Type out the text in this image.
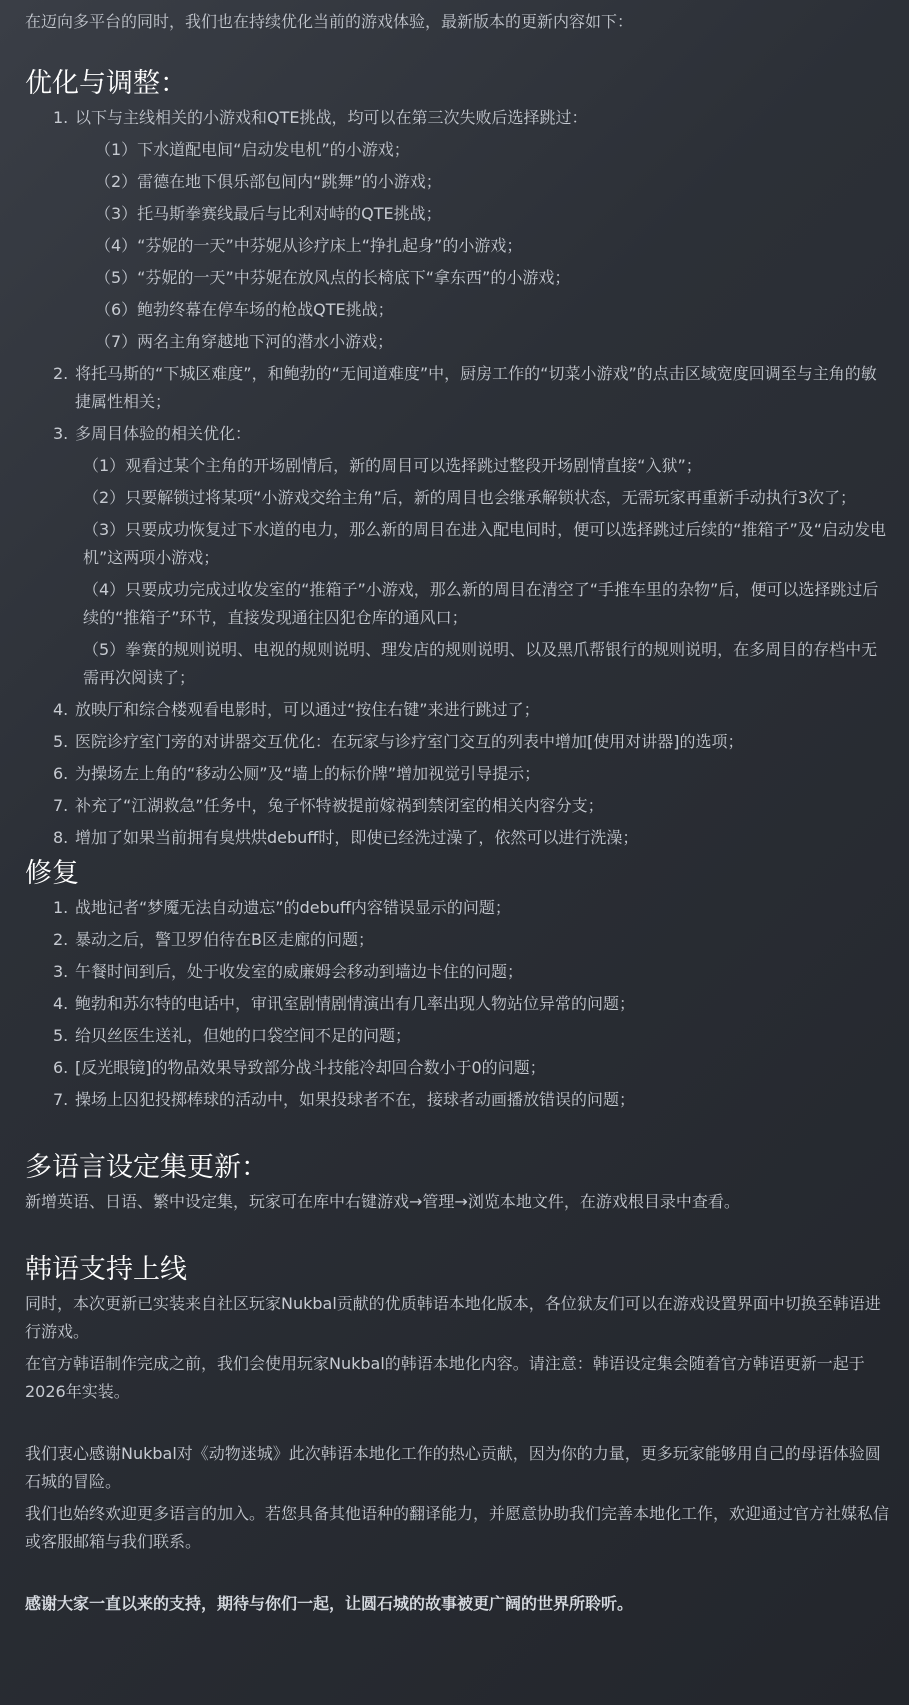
在迈向多平台的同时，我们也在持续优化当前的游戏体验，最新版本的更新内容如下：

优化与调整：
1. 以下与主线相关的小游戏和QTE挑战，均可以在第三次失败后选择跳过：
（1）下水道配电间“启动发电机”的小游戏；
（2）雷德在地下俱乐部包间内“跳舞”的小游戏；
（3）托马斯拳赛线最后与比利对峙的QTE挑战；
（4）“芬妮的一天”中芬妮从诊疗床上“挣扎起身”的小游戏；
（5）“芬妮的一天”中芬妮在放风点的长椅底下“拿东西”的小游戏；
（6）鲍勃终幕在停车场的枪战QTE挑战；
（7）两名主角穿越地下河的潜水小游戏；
2. 将托马斯的“下城区难度”，和鲍勃的“无间道难度”中，厨房工作的“切菜小游戏”的点击区域宽度回调至与主角的敏捷属性相关；
3. 多周目体验的相关优化：
（1）观看过某个主角的开场剧情后，新的周目可以选择跳过整段开场剧情直接“入狱”；
（2）只要解锁过将某项“小游戏交给主角”后，新的周目也会继承解锁状态，无需玩家再重新手动执行3次了；
（3）只要成功恢复过下水道的电力，那么新的周目在进入配电间时，便可以选择跳过后续的“推箱子”及“启动发电机”这两项小游戏；
（4）只要成功完成过收发室的“推箱子”小游戏，那么新的周目在清空了“手推车里的杂物”后，便可以选择跳过后续的“推箱子”环节，直接发现通往囚犯仓库的通风口；
（5）拳赛的规则说明、电视的规则说明、理发店的规则说明、以及黑爪帮银行的规则说明，在多周目的存档中无需再次阅读了；
4. 放映厅和综合楼观看电影时，可以通过“按住右键”来进行跳过了；
5. 医院诊疗室门旁的对讲器交互优化：在玩家与诊疗室门交互的列表中增加[使用对讲器]的选项；
6. 为操场左上角的“移动公厕”及“墙上的标价牌”增加视觉引导提示；
7. 补充了“江湖救急”任务中，兔子怀特被提前嫁祸到禁闭室的相关内容分支；
8. 增加了如果当前拥有臭烘烘debuff时，即使已经洗过澡了，依然可以进行洗澡；
修复
1. 战地记者“梦魇无法自动遗忘”的debuff内容错误显示的问题；
2. 暴动之后，警卫罗伯待在B区走廊的问题；
3. 午餐时间到后，处于收发室的威廉姆会移动到墙边卡住的问题；
4. 鲍勃和苏尔特的电话中，审讯室剧情剧情演出有几率出现人物站位异常的问题；
5. 给贝丝医生送礼，但她的口袋空间不足的问题；
6. [反光眼镜]的物品效果导致部分战斗技能冷却回合数小于0的问题；
7. 操场上囚犯投掷棒球的活动中，如果投球者不在，接球者动画播放错误的问题；
多语言设定集更新：

新增英语、日语、繁中设定集，玩家可在库中右键游戏→管理→浏览本地文件，在游戏根目录中查看。

韩语支持上线

同时，本次更新已实装来自社区玩家Nukbal贡献的优质韩语本地化版本，各位狱友们可以在游戏设置界面中切换至韩语进行游戏。

在官方韩语制作完成之前，我们会使用玩家Nukbal的韩语本地化内容。请注意：韩语设定集会随着官方韩语更新一起于2026年实装。

我们衷心感谢Nukbal对《动物迷城》此次韩语本地化工作的热心贡献，因为你的力量，更多玩家能够用自己的母语体验圆石城的冒险。

我们也始终欢迎更多语言的加入。若您具备其他语种的翻译能力，并愿意协助我们完善本地化工作，欢迎通过官方社媒私信或客服邮箱与我们联系。

感谢大家一直以来的支持，期待与你们一起，让圆石城的故事被更广阔的世界所聆听。
